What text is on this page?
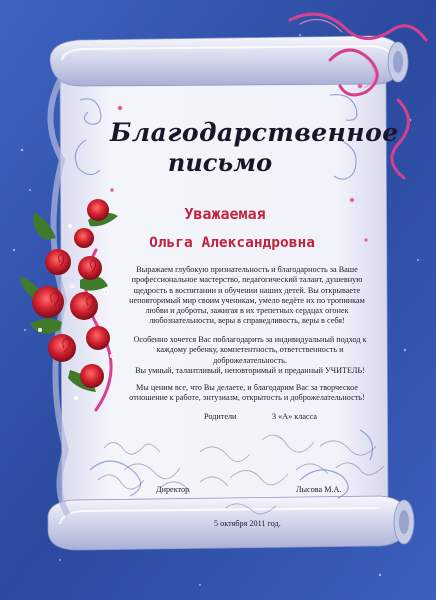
Благодарственное
письмо
Уважаемая
Ольга Александровна
Выражаем глубокую признательность и благодарность за Ваше профессиональное мастерство, педагогический талант, душевную щедрость в воспитании и обучении наших детей. Вы открываете неповторимый мир своим ученикам, умело ведёте их по тропинкам любви и доброты, зажигая в их трепетных сердцах огонек любознательности, веры в справедливость, веры в себя!
Особенно хочется Вас поблагодарить за индивидуальный подход к каждому ребенку, компетентность, ответственность и доброжелательность.
Вы умный, талантливый, неповторимый и преданный УЧИТЕЛЬ!
Мы ценим все, что Вы делаете, и благодарим Вас за творческое отношение к работе, энтузиазм, открытость и доброжелательность!
Родители	3 «А» класса
Директор	Лысова М.А.
5 октября 2011 год.
